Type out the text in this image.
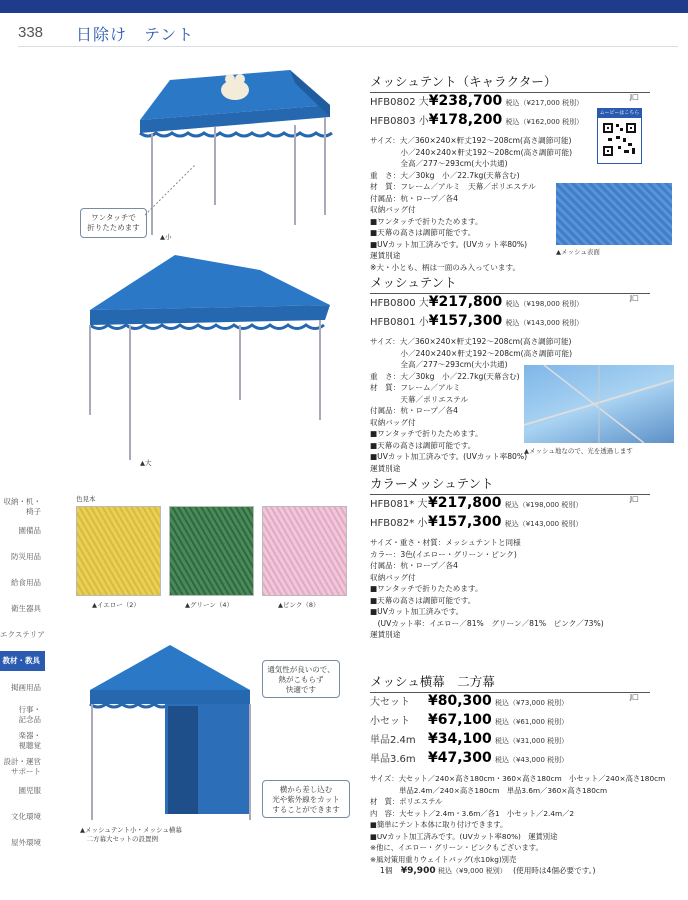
338 日除け　テント
収納・机・
椅子
園備品
防災用品
給食用品
衛生器具
エクステリア
教材・教具
掲画用品
行事・
記念品
楽器・
視聴覚
設計・運営
サポート
園児服
文化環境
屋外環境
▲小
ワンタッチで
折りたためます
▲大
メッシュテント（キャラクター）
HFB0802 大¥238,700 税込（¥217,000 税別）
HFB0803 小¥178,200 税込（¥162,000 税別）
サイズ：大／360×240×軒丈192～208cm(高さ調節可能)
　　　　小／240×240×軒丈192～208cm(高さ調節可能)
　　　　全高／277～293cm(大小共通)
重　さ：大／30kg　小／22.7kg(天幕含む)
材　質：フレーム／アルミ　天幕／ポリエステル
付属品：杭・ロープ／各4
収納バッグ付
■ワンタッチで折りたためます。
■天幕の高さは調節可能です。
■UVカット加工済みです。(UVカット率80%)
運賃別途
※大・小とも、柄は一面のみ入っています。
J□
ムービーはこちら
▲メッシュ表面
メッシュテント
HFB0800 大¥217,800 税込（¥198,000 税別）
HFB0801 小¥157,300 税込（¥143,000 税別）
サイズ：大／360×240×軒丈192～208cm(高さ調節可能)
　　　　小／240×240×軒丈192～208cm(高さ調節可能)
　　　　全高／277～293cm(大小共通)
重　さ：大／30kg　小／22.7kg(天幕含む)
材　質：フレーム／アルミ
　　　　天幕／ポリエステル
付属品：杭・ロープ／各4
収納バッグ付
■ワンタッチで折りたためます。
■天幕の高さは調節可能です。
■UVカット加工済みです。(UVカット率80%)
運賃別途
J□
▲メッシュ地なので、光を透過します
色見本
▲イエロー（2）	▲グリーン（4）	▲ピンク（8）
カラーメッシュテント
HFB081* 大¥217,800 税込（¥198,000 税別）
HFB082* 小¥157,300 税込（¥143,000 税別）
サイズ・重さ・材質：メッシュテントと同様
カラー：3色(イエロー・グリーン・ピンク)
付属品：杭・ロープ／各4
収納バッグ付
■ワンタッチで折りたためます。
■天幕の高さは調節可能です。
■UVカット加工済みです。
　(UVカット率：イエロー／81%　グリーン／81%　ピンク／73%)
運賃別途
J□
通気性が良いので、
熱がこもらず
快適です
横から差し込む
光や紫外線をカット
することができます
▲メッシュテント小・メッシュ横幕
　二方幕大セットの設置例
メッシュ横幕　二方幕
大セット ¥80,300 税込（¥73,000 税別）
小セット ¥67,100 税込（¥61,000 税別）
単品2.4m ¥34,100 税込（¥31,000 税別）
単品3.6m ¥47,300 税込（¥43,000 税別）
サイズ：大セット／240×高さ180cm・360×高さ180cm　小セット／240×高さ180cm
　　　　単品2.4m／240×高さ180cm　単品3.6m／360×高さ180cm
材　質：ポリエステル
内　容：大セット／2.4m・3.6m／各1　小セット／2.4m／2
■簡単にテント本体に取り付けできます。
■UVカット加工済みです。(UVカット率80%)　運賃別途
※他に、イエロー・グリーン・ピンクもございます。
※風対策用重りウェイトバッグ(水10kg)別売
1個 ¥9,900 税込（¥9,000 税別） (使用時は4個必要です。)
J□
